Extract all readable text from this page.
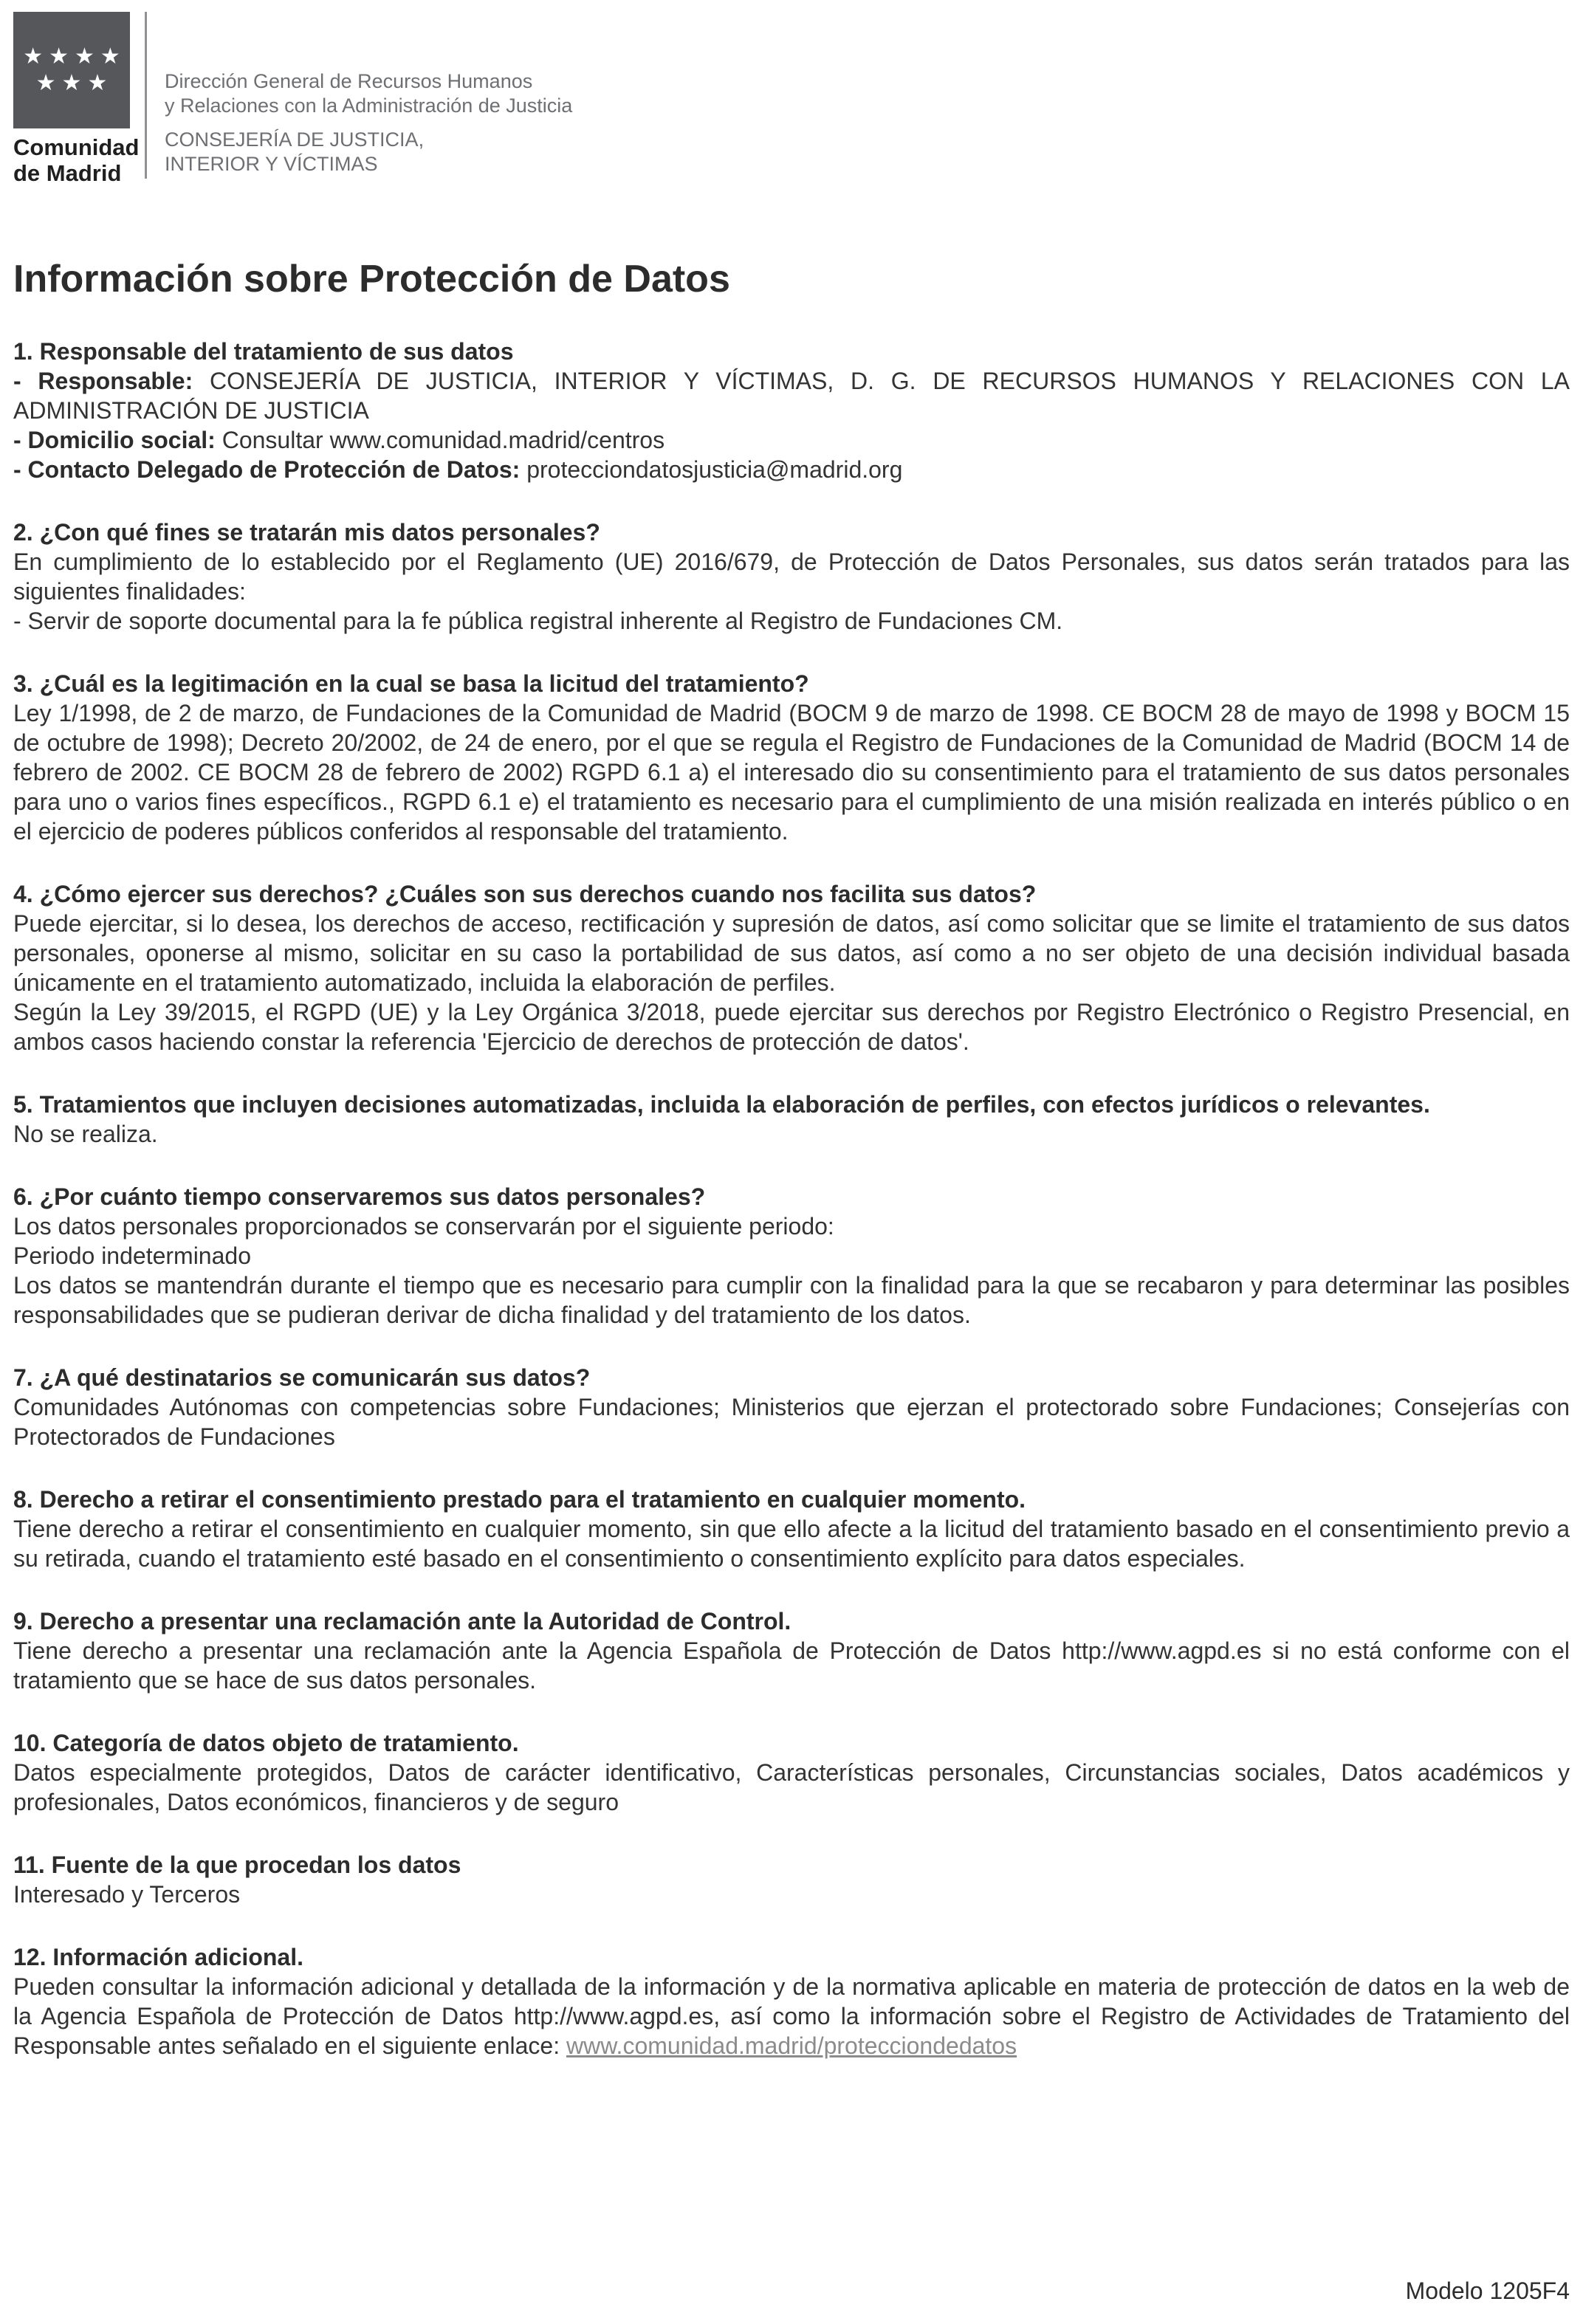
★★★★
★★★
Comunidad
de Madrid
Dirección General de Recursos Humanos
y Relaciones con la Administración de Justicia
CONSEJERÍA DE JUSTICIA,
INTERIOR Y VÍCTIMAS
Información sobre Protección de Datos
1. Responsable del tratamiento de sus datos

- Responsable: CONSEJERÍA DE JUSTICIA, INTERIOR Y VÍCTIMAS, D. G. DE RECURSOS HUMANOS Y RELACIONES CON LA ADMINISTRACIÓN DE JUSTICIA

- Domicilio social: Consultar www.comunidad.madrid/centros

- Contacto Delegado de Protección de Datos: protecciondatosjusticia@madrid.org

2. ¿Con qué fines se tratarán mis datos personales?

En cumplimiento de lo establecido por el Reglamento (UE) 2016/679, de Protección de Datos Personales, sus datos serán tratados para las siguientes finalidades:

- Servir de soporte documental para la fe pública registral inherente al Registro de Fundaciones CM.

3. ¿Cuál es la legitimación en la cual se basa la licitud del tratamiento?

Ley 1/1998, de 2 de marzo, de Fundaciones de la Comunidad de Madrid (BOCM 9 de marzo de 1998. CE BOCM 28 de mayo de 1998 y BOCM 15 de octubre de 1998); Decreto 20/2002, de 24 de enero, por el que se regula el Registro de Fundaciones de la Comunidad de Madrid (BOCM 14 de febrero de 2002. CE BOCM 28 de febrero de 2002) RGPD 6.1 a) el interesado dio su consentimiento para el tratamiento de sus datos personales para uno o varios fines específicos., RGPD 6.1 e) el tratamiento es necesario para el cumplimiento de una misión realizada en interés público o en el ejercicio de poderes públicos conferidos al responsable del tratamiento.

4. ¿Cómo ejercer sus derechos? ¿Cuáles son sus derechos cuando nos facilita sus datos?

Puede ejercitar, si lo desea, los derechos de acceso, rectificación y supresión de datos, así como solicitar que se limite el tratamiento de sus datos personales, oponerse al mismo, solicitar en su caso la portabilidad de sus datos, así como a no ser objeto de una decisión individual basada únicamente en el tratamiento automatizado, incluida la elaboración de perfiles.

Según la Ley 39/2015, el RGPD (UE) y la Ley Orgánica 3/2018, puede ejercitar sus derechos por Registro Electrónico o Registro Presencial, en ambos casos haciendo constar la referencia 'Ejercicio de derechos de protección de datos'.

5. Tratamientos que incluyen decisiones automatizadas, incluida la elaboración de perfiles, con efectos jurídicos o relevantes.

No se realiza.

6. ¿Por cuánto tiempo conservaremos sus datos personales?

Los datos personales proporcionados se conservarán por el siguiente periodo:

Periodo indeterminado

Los datos se mantendrán durante el tiempo que es necesario para cumplir con la finalidad para la que se recabaron y para determinar las posibles responsabilidades que se pudieran derivar de dicha finalidad y del tratamiento de los datos.

7. ¿A qué destinatarios se comunicarán sus datos?

Comunidades Autónomas con competencias sobre Fundaciones; Ministerios que ejerzan el protectorado sobre Fundaciones; Consejerías con Protectorados de Fundaciones

8. Derecho a retirar el consentimiento prestado para el tratamiento en cualquier momento.

Tiene derecho a retirar el consentimiento en cualquier momento, sin que ello afecte a la licitud del tratamiento basado en el consentimiento previo a su retirada, cuando el tratamiento esté basado en el consentimiento o consentimiento explícito para datos especiales.

9. Derecho a presentar una reclamación ante la Autoridad de Control.

Tiene derecho a presentar una reclamación ante la Agencia Española de Protección de Datos http://www.agpd.es si no está conforme con el tratamiento que se hace de sus datos personales.

10. Categoría de datos objeto de tratamiento.

Datos especialmente protegidos, Datos de carácter identificativo, Características personales, Circunstancias sociales, Datos académicos y profesionales, Datos económicos, financieros y de seguro

11. Fuente de la que procedan los datos

Interesado y Terceros

12. Información adicional.

Pueden consultar la información adicional y detallada de la información y de la normativa aplicable en materia de protección de datos en la web de la Agencia Española de Protección de Datos http://www.agpd.es, así como la información sobre el Registro de Actividades de Tratamiento del Responsable antes señalado en el siguiente enlace: www.comunidad.madrid/protecciondedatos

Modelo 1205F4
